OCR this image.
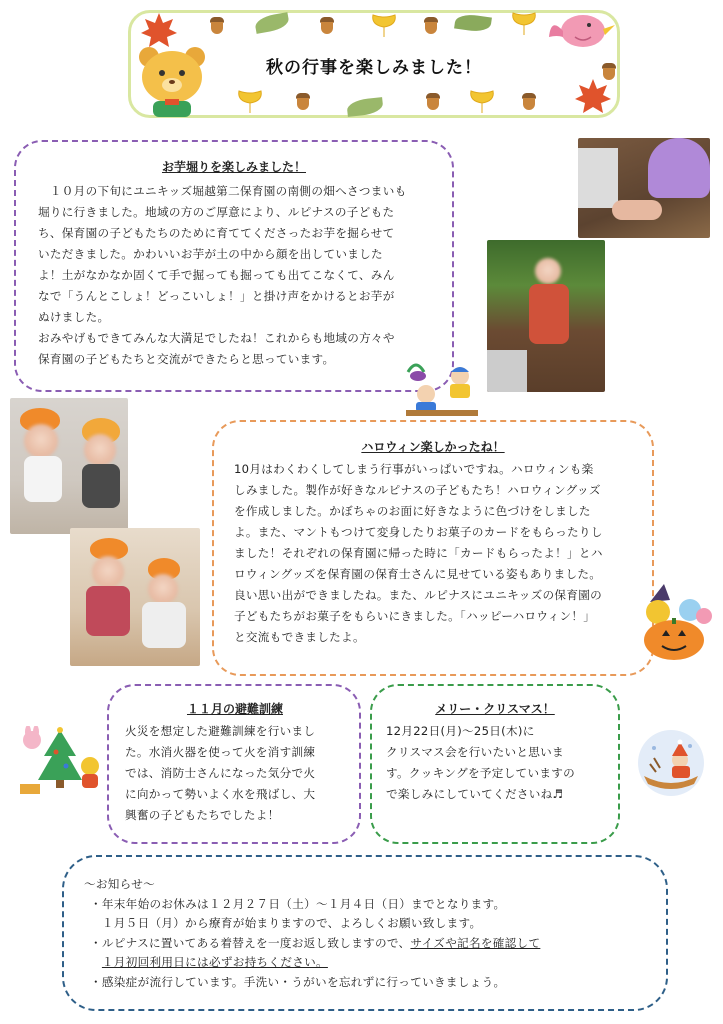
秋の行事を楽しみました！
お芋堀りを楽しみました！

　１０月の下旬にユニキッズ堀越第二保育園の南側の畑へさつまいも

堀りに行きました。地域の方のご厚意により、ルピナスの子どもた

ち、保育園の子どもたちのために育ててくださったお芋を掘らせて

いただきました。かわいいお芋が土の中から顔を出していました

よ！土がなかなか固くて手で掘っても掘っても出てこなくて、みん

なで「うんとこしょ！どっこいしょ！」と掛け声をかけるとお芋が

ぬけました。

おみやげもできてみんな大満足でしたね！これからも地域の方々や

保育園の子どもたちと交流ができたらと思っています。

ハロウィン楽しかったね！

10月はわくわくしてしまう行事がいっぱいですね。ハロウィンも楽

しみました。製作が好きなルピナスの子どもたち！ハロウィングッズ

を作成しました。かぼちゃのお面に好きなように色づけをしました

よ。また、マントもつけて変身したりお菓子のカードをもらったりし

ました！それぞれの保育園に帰った時に「カードもらったよ！」とハ

ロウィングッズを保育園の保育士さんに見せている姿もありました。

良い思い出ができましたね。また、ルピナスにユニキッズの保育園の

子どもたちがお菓子をもらいにきました。「ハッピーハロウィン！」

と交流もできましたよ。

１１月の避難訓練

火災を想定した避難訓練を行いまし

た。水消火器を使って火を消す訓練

では、消防士さんになった気分で火

に向かって勢いよく水を飛ばし、大

興奮の子どもたちでしたよ！

メリー・クリスマス！

12月22日(月)～25日(木)に

クリスマス会を行いたいと思いま

す。クッキングを予定していますの

で楽しみにしていてくださいね♬

～お知らせ～

・年末年始のお休みは１２月２７日（土）～１月４日（日）までとなります。

　１月５日（月）から療育が始まりますので、よろしくお願い致します。

・ルピナスに置いてある着替えを一度お返し致しますので、サイズや記名を確認して

　１月初回利用日には必ずお持ちください。

・感染症が流行しています。手洗い・うがいを忘れずに行っていきましょう。
